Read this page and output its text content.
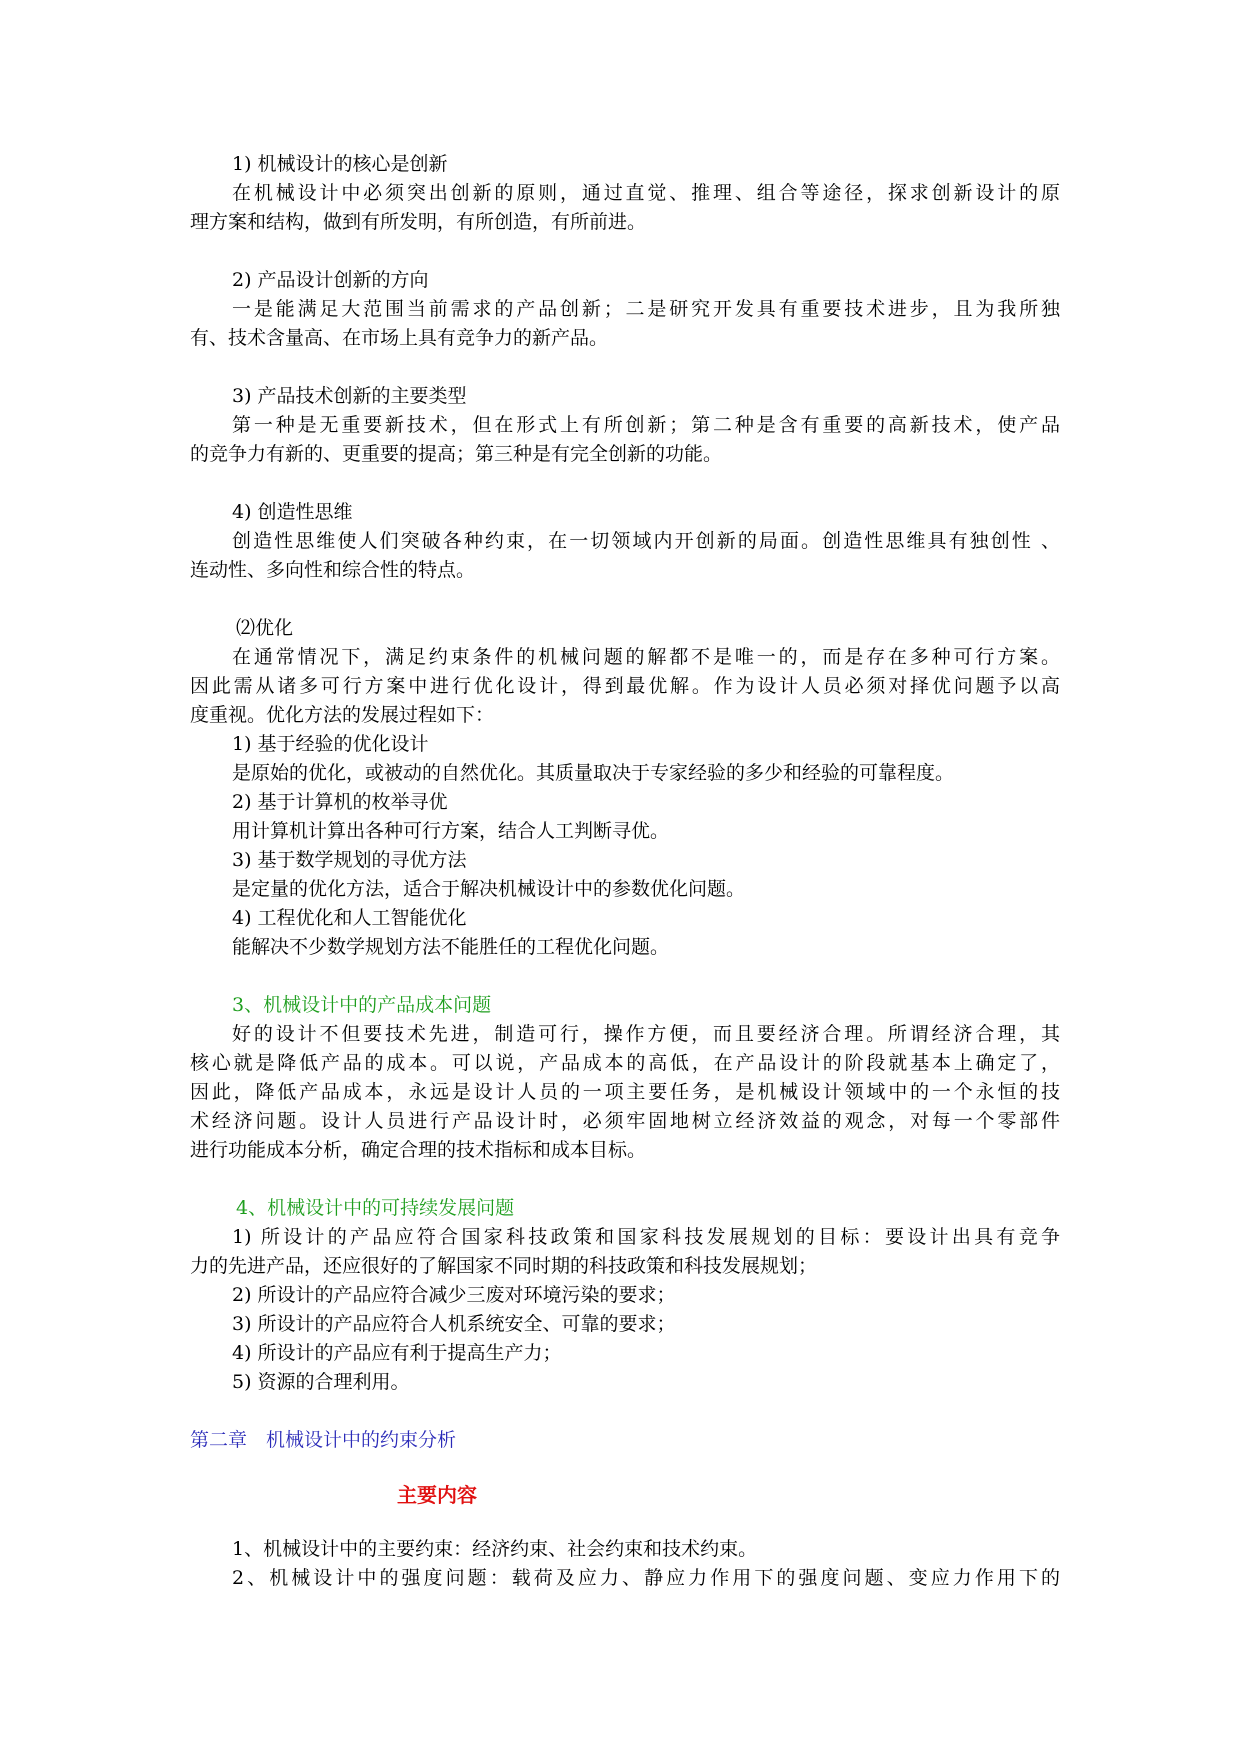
1) 机械设计的核心是创新
在机械设计中必须突出创新的原则，通过直觉、推理、组合等途径，探求创新设计的原
理方案和结构，做到有所发明，有所创造，有所前进。
2) 产品设计创新的方向
一是能满足大范围当前需求的产品创新；二是研究开发具有重要技术进步，且为我所独
有、技术含量高、在市场上具有竞争力的新产品。
3) 产品技术创新的主要类型
第一种是无重要新技术，但在形式上有所创新；第二种是含有重要的高新技术，使产品
的竞争力有新的、更重要的提高；第三种是有完全创新的功能。
4) 创造性思维
创造性思维使人们突破各种约束，在一切领域内开创新的局面。创造性思维具有独创性 、
连动性、多向性和综合性的特点。
⑵优化
在通常情况下，满足约束条件的机械问题的解都不是唯一的，而是存在多种可行方案。
因此需从诸多可行方案中进行优化设计，得到最优解。作为设计人员必须对择优问题予以高
度重视。优化方法的发展过程如下：
1) 基于经验的优化设计
是原始的优化，或被动的自然优化。其质量取决于专家经验的多少和经验的可靠程度。
2) 基于计算机的枚举寻优
用计算机计算出各种可行方案，结合人工判断寻优。
3) 基于数学规划的寻优方法
是定量的优化方法，适合于解决机械设计中的参数优化问题。
4) 工程优化和人工智能优化
能解决不少数学规划方法不能胜任的工程优化问题。
3、机械设计中的产品成本问题
好的设计不但要技术先进，制造可行，操作方便，而且要经济合理。所谓经济合理，其
核心就是降低产品的成本。可以说，产品成本的高低，在产品设计的阶段就基本上确定了，
因此，降低产品成本，永远是设计人员的一项主要任务，是机械设计领域中的一个永恒的技
术经济问题。设计人员进行产品设计时，必须牢固地树立经济效益的观念，对每一个零部件
进行功能成本分析，确定合理的技术指标和成本目标。
4、机械设计中的可持续发展问题
1) 所设计的产品应符合国家科技政策和国家科技发展规划的目标：要设计出具有竞争
力的先进产品，还应很好的了解国家不同时期的科技政策和科技发展规划；
2) 所设计的产品应符合减少三废对环境污染的要求；
3) 所设计的产品应符合人机系统安全、可靠的要求；
4) 所设计的产品应有利于提高生产力；
5) 资源的合理利用。
第二章　机械设计中的约束分析
主要内容
1、机械设计中的主要约束：经济约束、社会约束和技术约束。
2、机械设计中的强度问题：载荷及应力、静应力作用下的强度问题、变应力作用下的
